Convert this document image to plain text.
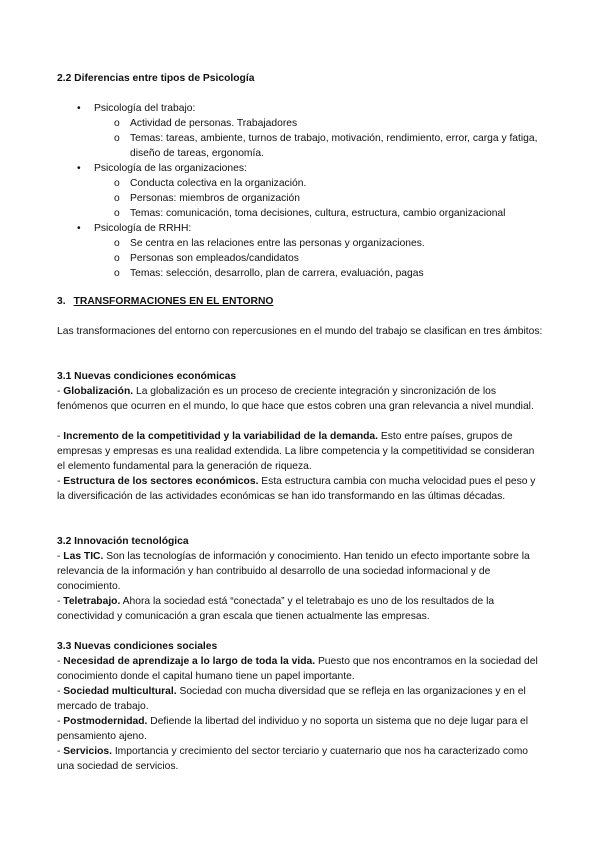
2.2 Diferencias entre tipos de Psicología
•	Psicología del trabajo:
o Actividad de personas. Trabajadores
o Temas: tareas, ambiente, turnos de trabajo, motivación, rendimiento, error, carga y fatiga, diseño de tareas, ergonomía.
•	Psicología de las organizaciones:
o Conducta colectiva en la organización.
o Personas: miembros de organización
o Temas: comunicación, toma decisiones, cultura, estructura, cambio organizacional
•	Psicología de RRHH:
o Se centra en las relaciones entre las personas y organizaciones.
o Personas son empleados/candidatos
o Temas: selección, desarrollo, plan de carrera, evaluación, pagas
3. TRANSFORMACIONES EN EL ENTORNO
Las transformaciones del entorno con repercusiones en el mundo del trabajo se clasifican en tres ámbitos:
3.1 Nuevas condiciones económicas
- Globalización. La globalización es un proceso de creciente integración y sincronización de los fenómenos que ocurren en el mundo, lo que hace que estos cobren una gran relevancia a nivel mundial.
- Incremento de la competitividad y la variabilidad de la demanda. Esto entre países, grupos de empresas y empresas es una realidad extendida. La libre competencia y la competitividad se consideran el elemento fundamental para la generación de riqueza.
- Estructura de los sectores económicos. Esta estructura cambia con mucha velocidad pues el peso y la diversificación de las actividades económicas se han ido transformando en las últimas décadas.
3.2 Innovación tecnológica
- Las TIC. Son las tecnologías de información y conocimiento. Han tenido un efecto importante sobre la relevancia de la información y han contribuido al desarrollo de una sociedad informacional y de conocimiento.
- Teletrabajo. Ahora la sociedad está “conectada” y el teletrabajo es uno de los resultados de la conectividad y comunicación a gran escala que tienen actualmente las empresas.
3.3 Nuevas condiciones sociales
- Necesidad de aprendizaje a lo largo de toda la vida. Puesto que nos encontramos en la sociedad del conocimiento donde el capital humano tiene un papel importante.
- Sociedad multicultural. Sociedad con mucha diversidad que se refleja en las organizaciones y en el mercado de trabajo.
- Postmodernidad. Defiende la libertad del individuo y no soporta un sistema que no deje lugar para el pensamiento ajeno.
- Servicios. Importancia y crecimiento del sector terciario y cuaternario que nos ha caracterizado como una sociedad de servicios.
